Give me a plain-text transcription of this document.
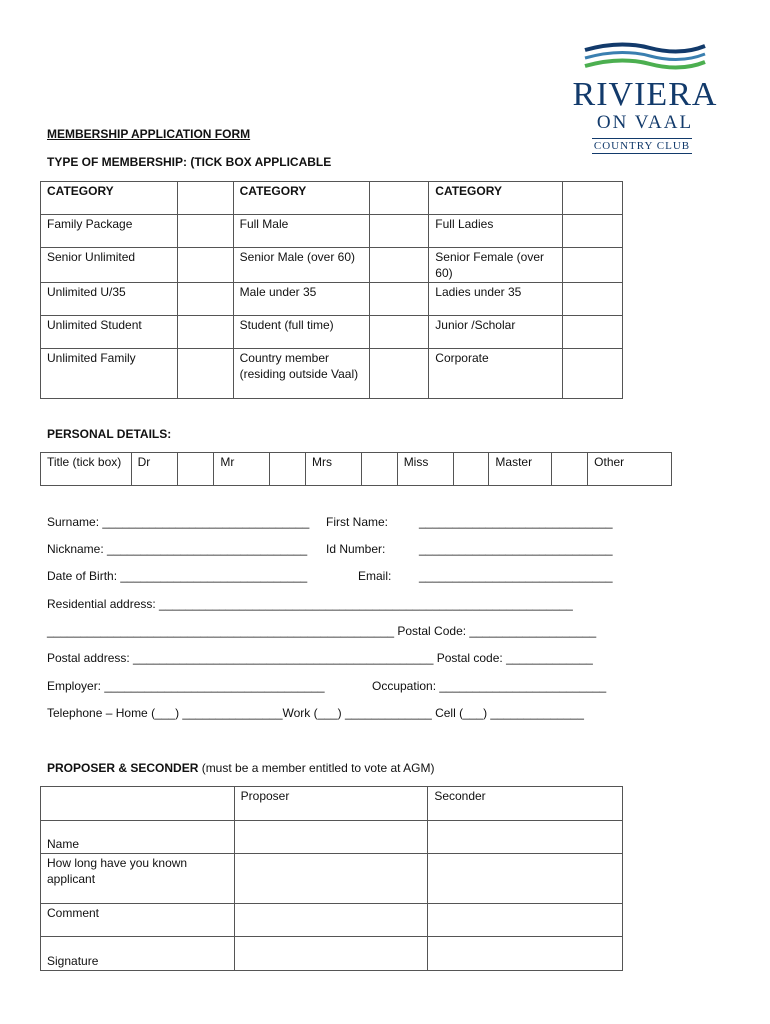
RIVIERA
ON VAAL
COUNTRY CLUB
MEMBERSHIP APPLICATION FORM
TYPE OF MEMBERSHIP: (TICK BOX APPLICABLE
CATEGORY		CATEGORY		CATEGORY	
Family Package		Full Male		Full Ladies	
Senior Unlimited		Senior Male (over 60)		Senior Female (over 60)	
Unlimited U/35		Male under 35		Ladies under 35	
Unlimited Student		Student (full time)		Junior /Scholar	
Unlimited Family		Country member (residing outside Vaal)		Corporate	
PERSONAL DETAILS:
Title (tick box)	Dr		Mr		Mrs		Miss		Master		Other
Surname: _______________________________ First Name:	_____________________________
Nickname: ______________________________ Id Number:	_____________________________
Date of Birth: ____________________________	Email: _____________________________
Residential address: ______________________________________________________________
____________________________________________________ Postal Code: ___________________
Postal address: _____________________________________________ Postal code: _____________
Employer: _________________________________	Occupation: _________________________
Telephone – Home (___) _______________Work (___) _____________ Cell (___) ______________
PROPOSER & SECONDER (must be a member entitled to vote at AGM)
	Proposer	Seconder
Name		
How long have you known applicant		
Comment		
Signature		
